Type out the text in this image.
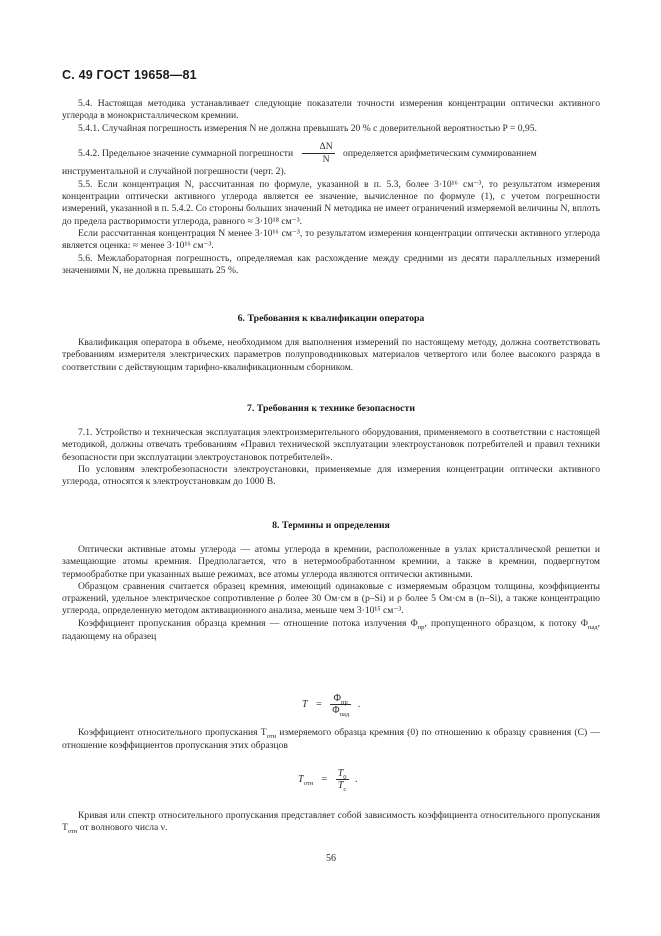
С. 49 ГОСТ 19658—81

5.4. Настоящая методика устанавливает следующие показатели точности измерения концентрации оптически активного углерода в монокристаллическом кремнии.

5.4.1. Случайная погрешность измерения N не должна превышать 20 % с доверительной вероятностью P = 0,95.

5.4.2. Предельное значение суммарной погрешности $\frac{\Delta N}{N}$ определяется арифметическим суммированием

инструментальной и случайной погрешности (черт. 2).

5.5. Если концентрация N, рассчитанная по формуле, указанной в п. 5.3, более 3·10¹⁶ см⁻³, то результатом измерения концентрации оптически активного углерода является ее значение, вычисленное по формуле (1), с учетом погрешности измерений, указанной в п. 5.4.2. Со стороны больших значений N методика не имеет ограничений измеряемой величины N, вплоть до предела растворимости углерода, равного ≈ 3·10¹⁸ см⁻³.

Если рассчитанная концентрация N менее 3·10¹⁶ см⁻³, то результатом измерения концентрации оптически активного углерода является оценка: ≈ менее 3·10¹⁶ см⁻³.

5.6. Межлабораторная погрешность, определяемая как расхождение между средними из десяти параллельных измерений значениями N, не должна превышать 25 %.

6. Требования к квалификации оператора

Квалификация оператора в объеме, необходимом для выполнения измерений по настоящему методу, должна соответствовать требованиям измерителя электрических параметров полупроводниковых материалов четвертого или более высокого разряда в соответствии с действующим тарифно-квалификационным сборником.

7. Требования к технике безопасности

7.1. Устройство и техническая эксплуатация электроизмерительного оборудования, применяемого в соответствии с настоящей методикой, должны отвечать требованиям «Правил технической эксплуатации электроустановок потребителей и правил техники безопасности при эксплуатации электроустановок потребителей».

По условиям электробезопасности электроустановки, применяемые для измерения концентрации оптически активного углерода, относятся к электроустановкам до 1000 В.

8. Термины и определения

Оптически активные атомы углерода — атомы углерода в кремнии, расположенные в узлах кристаллической решетки и замещающие атомы кремния. Предполагается, что в нетермообработанном кремнии, а также в кремнии, подвергнутом термообработке при указанных выше режимах, все атомы углерода являются оптически активными.

Образцом сравнения считается образец кремния, имеющий одинаковые с измеряемым образцом толщины, коэффициенты отражений, удельное электрическое сопротивление ρ более 30 Ом·см в (p–Si) и ρ более 5 Ом·см в (n–Si), а также концентрацию углерода, определенную методом активационного анализа, меньше чем 3·10¹⁵ см⁻³.

Коэффициент пропускания образца кремния — отношение потока излучения $\Phi_{пр}$, пропущенного образцом, к потоку $\Phi_{пад}$, падающему на образец

$T = \frac{\Phi_{пр}}{\Phi_{пад}}$ .

Коэффициент относительного пропускания $T_{отн}$ измеряемого образца кремния (0) по отношению к образцу сравнения (С) — отношение коэффициентов пропускания этих образцов

$T_{отн} = \frac{T_0}{T_c}$ .

Кривая или спектр относительного пропускания представляет собой зависимость коэффициента относительного пропускания $T_{отн}$ от волнового числа ν.

56
